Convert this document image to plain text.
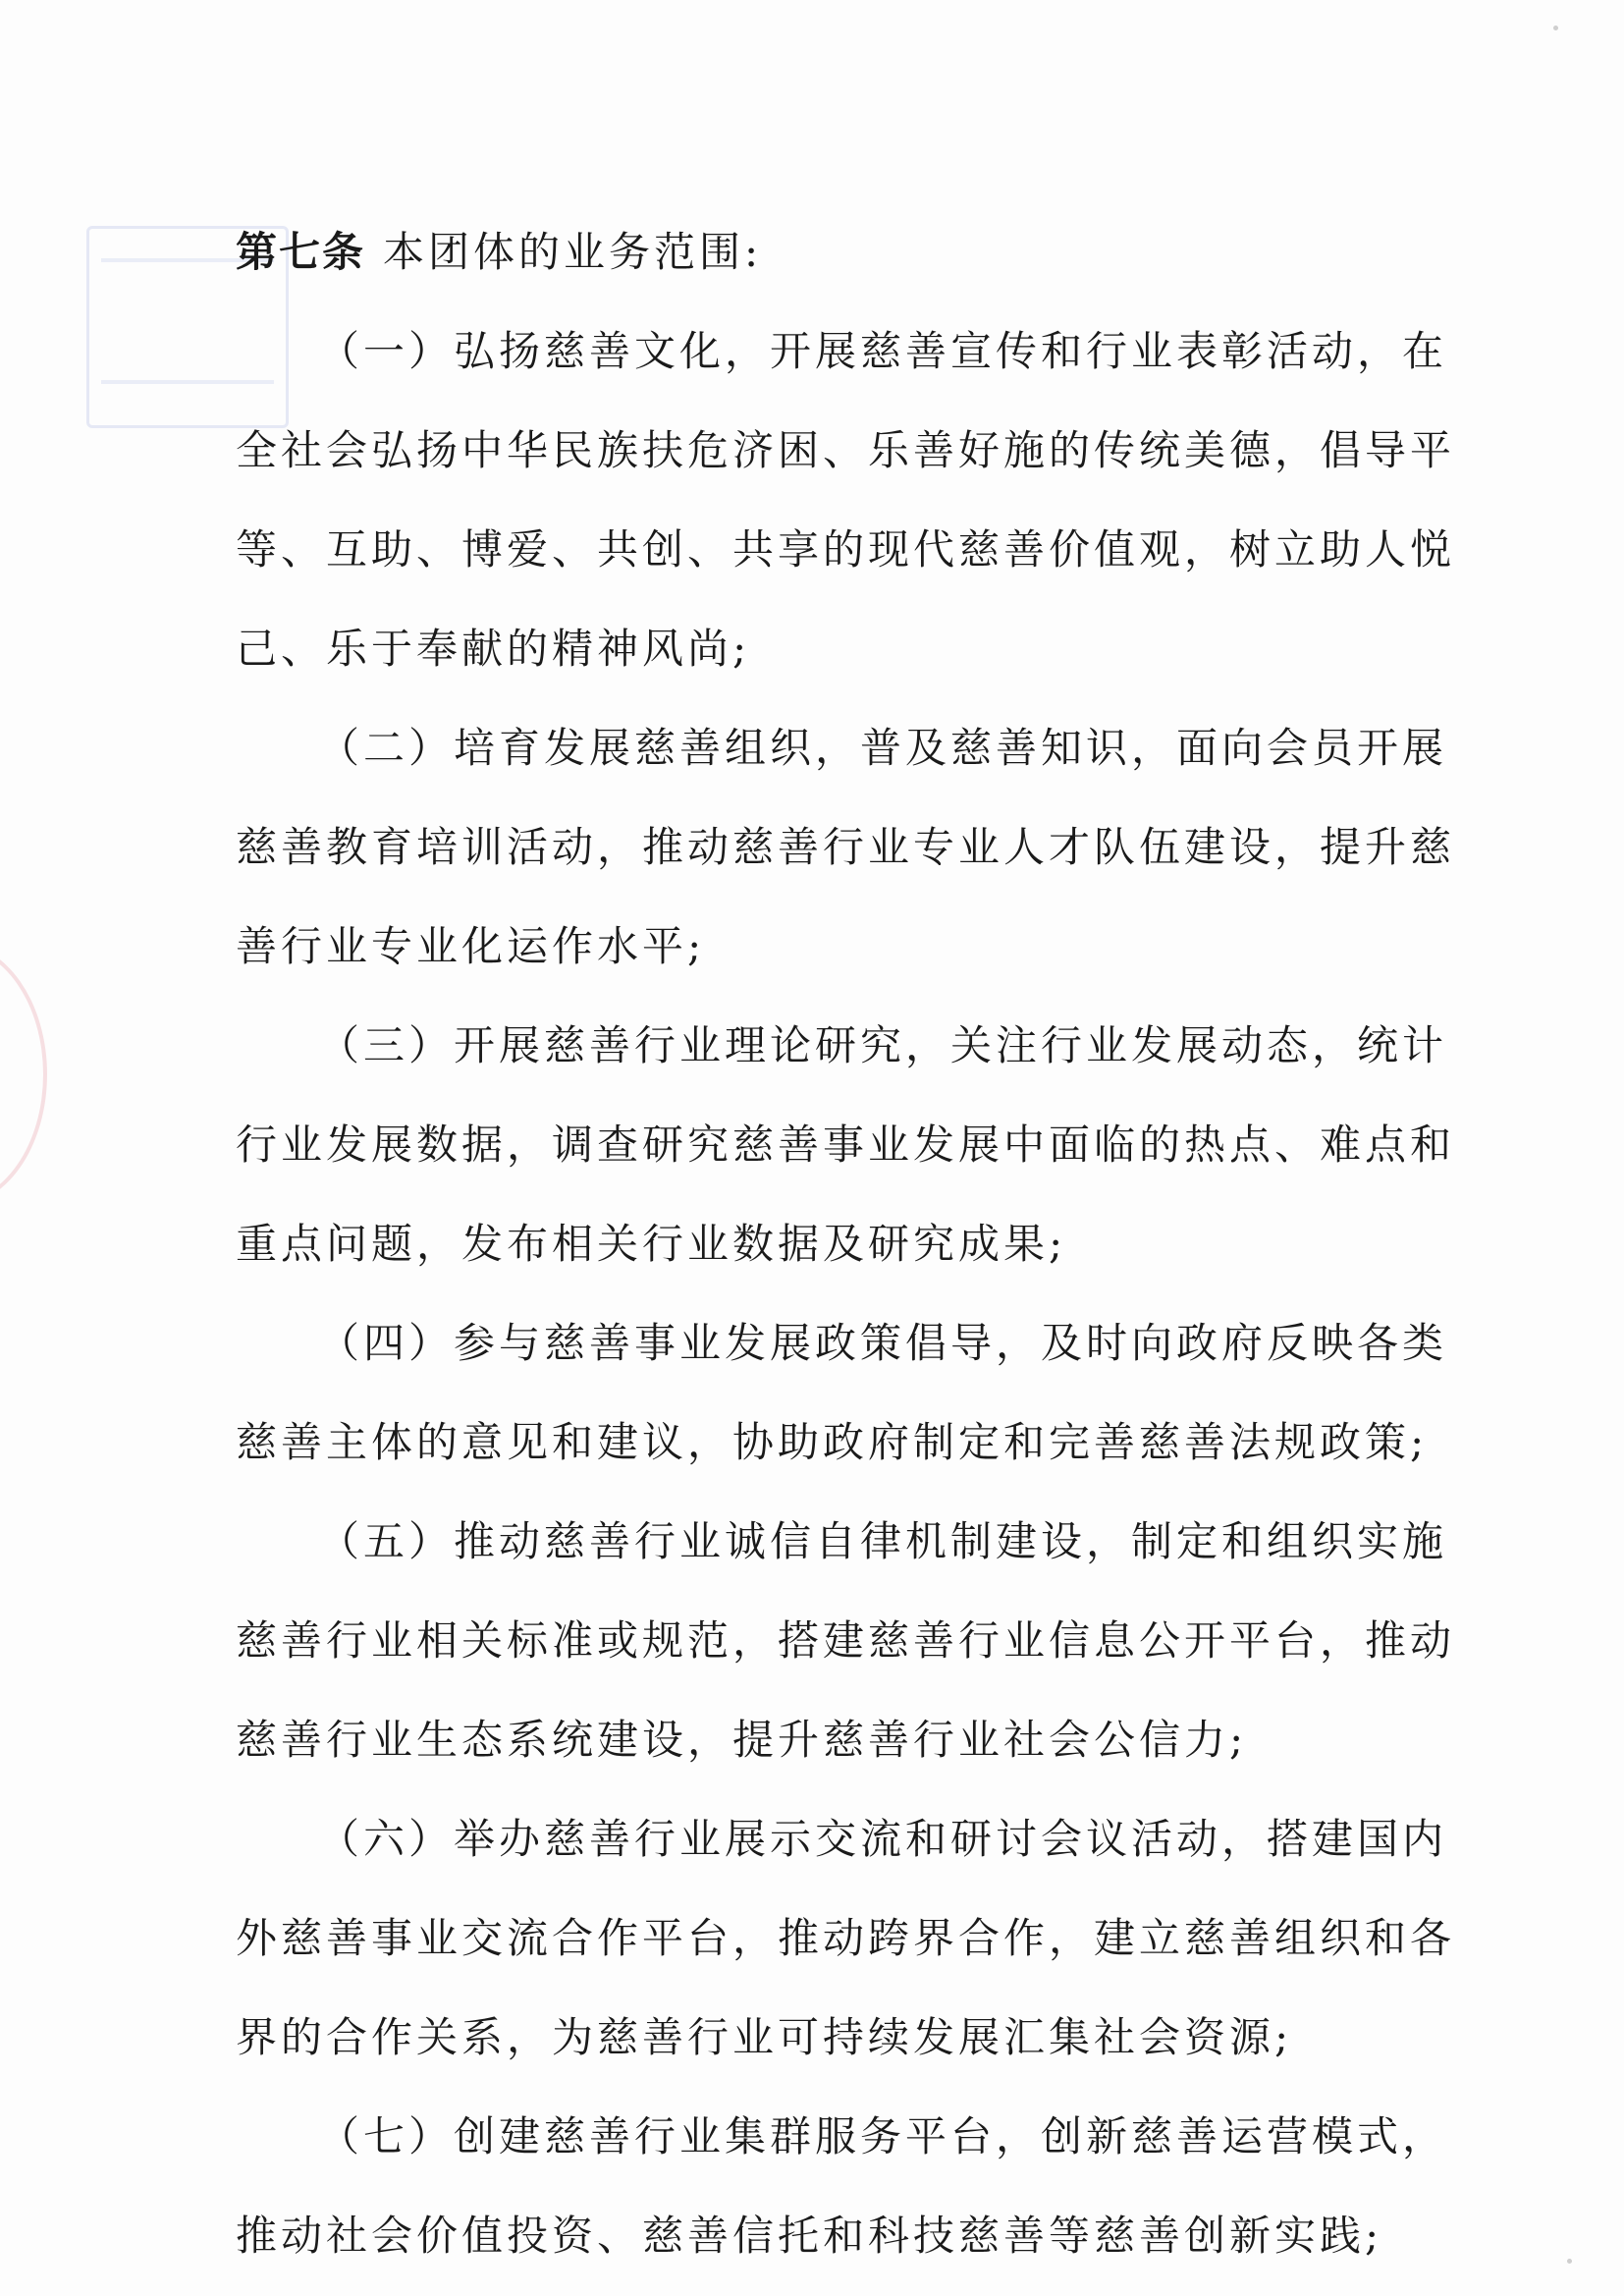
第七条 本团体的业务范围:
（一）弘扬慈善文化，开展慈善宣传和行业表彰活动，在
全社会弘扬中华民族扶危济困、乐善好施的传统美德，倡导平
等、互助、博爱、共创、共享的现代慈善价值观，树立助人悦
己、乐于奉献的精神风尚;
（二）培育发展慈善组织，普及慈善知识，面向会员开展
慈善教育培训活动，推动慈善行业专业人才队伍建设，提升慈
善行业专业化运作水平;
（三）开展慈善行业理论研究，关注行业发展动态，统计
行业发展数据，调查研究慈善事业发展中面临的热点、难点和
重点问题，发布相关行业数据及研究成果;
（四）参与慈善事业发展政策倡导，及时向政府反映各类
慈善主体的意见和建议，协助政府制定和完善慈善法规政策;
（五）推动慈善行业诚信自律机制建设，制定和组织实施
慈善行业相关标准或规范，搭建慈善行业信息公开平台，推动
慈善行业生态系统建设，提升慈善行业社会公信力;
（六）举办慈善行业展示交流和研讨会议活动，搭建国内
外慈善事业交流合作平台，推动跨界合作，建立慈善组织和各
界的合作关系，为慈善行业可持续发展汇集社会资源;
（七）创建慈善行业集群服务平台，创新慈善运营模式，
推动社会价值投资、慈善信托和科技慈善等慈善创新实践;
